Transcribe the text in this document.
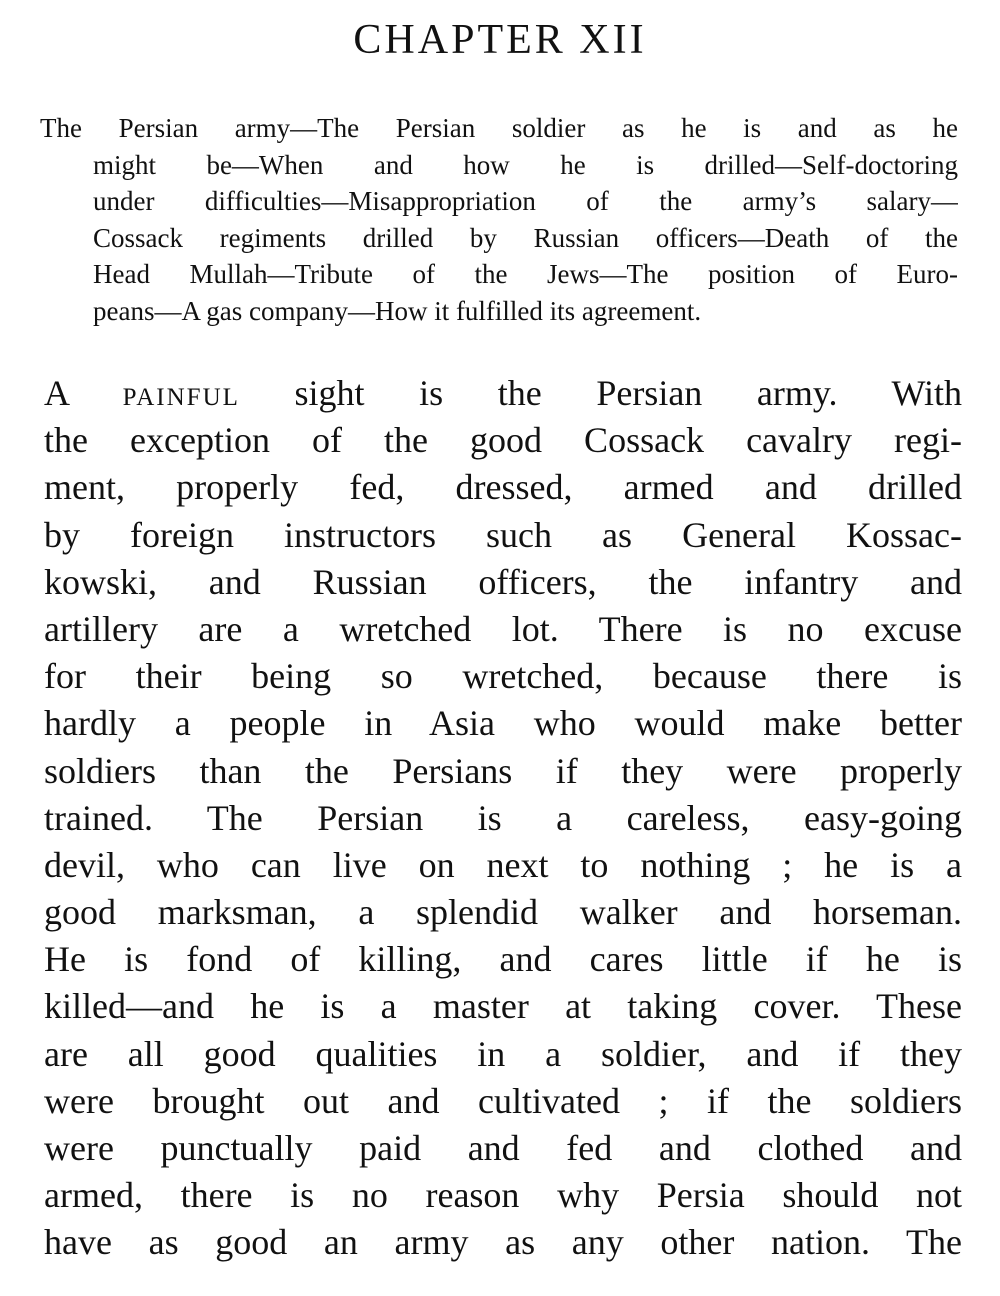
CHAPTER XII
The Persian army—The Persian soldier as he is and as he
might be—When and how he is drilled—Self-doctoring
under difficulties—Misappropriation of the army’s salary—
Cossack regiments drilled by Russian officers—Death of the
Head Mullah—Tribute of the Jews—The position of Euro-
peans—A gas company—How it fulfilled its agreement.
A painful sight is the Persian army. With
the exception of the good Cossack cavalry regi-
ment, properly fed, dressed, armed and drilled
by foreign instructors such as General Kossac-
kowski, and Russian officers, the infantry and
artillery are a wretched lot. There is no excuse
for their being so wretched, because there is
hardly a people in Asia who would make better
soldiers than the Persians if they were properly
trained. The Persian is a careless, easy-going
devil, who can live on next to nothing ; he is a
good marksman, a splendid walker and horseman.
He is fond of killing, and cares little if he is
killed—and he is a master at taking cover. These
are all good qualities in a soldier, and if they
were brought out and cultivated ; if the soldiers
were punctually paid and fed and clothed and
armed, there is no reason why Persia should not
have as good an army as any other nation. The
